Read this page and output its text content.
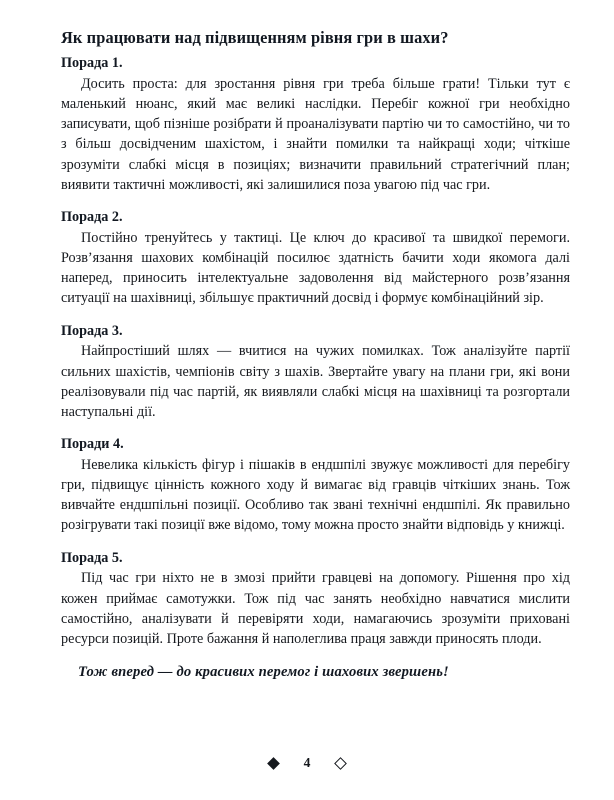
Як працювати над підвищенням рівня гри в шахи?
Порада 1.

Досить проста: для зростання рівня гри треба більше грати! Тільки тут є маленький нюанс, який має великі наслідки. Перебіг кожної гри необхідно записувати, щоб пізніше розібрати й проаналізувати партію чи то самостійно, чи то з більш досвідченим шахістом, і знайти помилки та найкращі ходи; чіткіше зрозуміти слабкі місця в позиціях; визначити правильний стратегічний план; виявити тактичні можливості, які залишилися поза увагою під час гри.

Порада 2.

Постійно тренуйтесь у тактиці. Це ключ до красивої та швидкої перемоги. Розв’язання шахових комбінацій посилює здатність бачити ходи якомога далі наперед, приносить інтелектуальне задоволення від майстерного розв’язання ситуації на шахівниці, збільшує практичний досвід і формує комбінаційний зір.

Порада 3.

Найпростіший шлях — вчитися на чужих помилках. Тож аналізуйте партії сильних шахістів, чемпіонів світу з шахів. Звертайте увагу на плани гри, які вони реалізовували під час партій, як виявляли слабкі місця на шахівниці та розгортали наступальні дії.

Поради 4.

Невелика кількість фігур і пішаків в ендшпілі звужує можливості для перебігу гри, підвищує цінність кожного ходу й вимагає від гравців чіткіших знань. Тож вивчайте ендшпільні позиції. Особливо так звані технічні ендшпілі. Як правильно розігрувати такі позиції вже відомо, тому можна просто знайти відповідь у книжці.

Порада 5.

Під час гри ніхто не в змозі прийти гравцеві на допомогу. Рішення про хід кожен приймає самотужки. Тож під час занять необхідно навчатися мислити самостійно, аналізувати й перевіряти ходи, намагаючись зрозуміти приховані ресурси позицій. Проте бажання й наполеглива праця завжди приносять плоди.

Тож вперед — до красивих перемог і шахових звершень!
4
